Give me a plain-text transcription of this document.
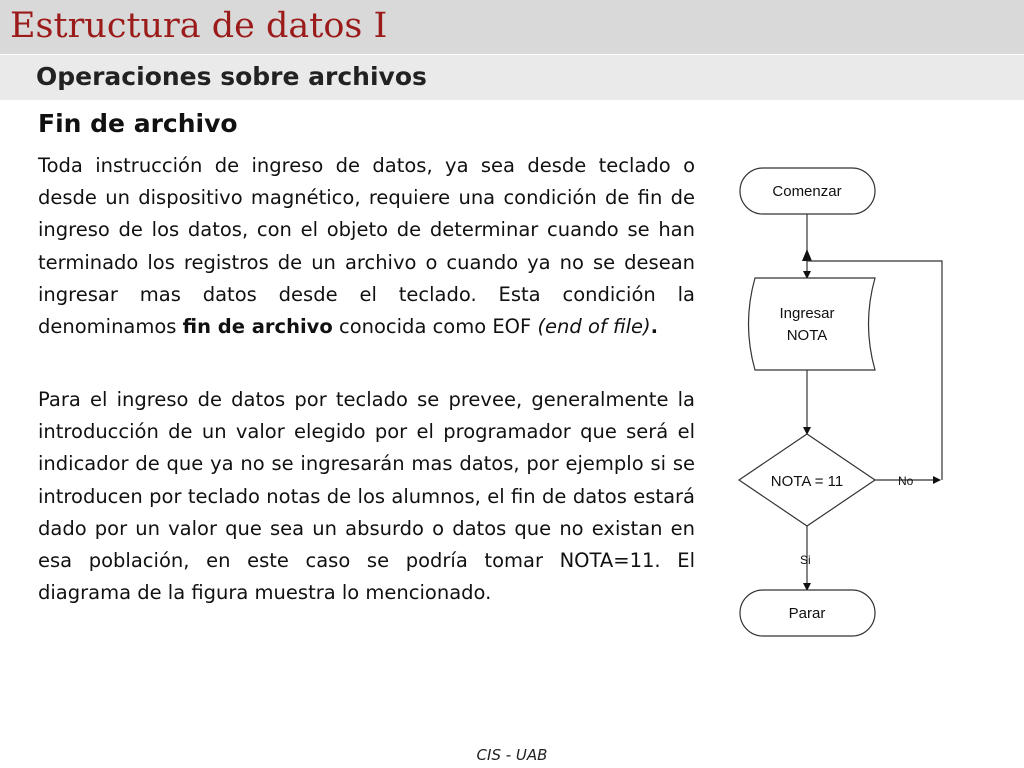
Estructura de datos I
Operaciones sobre archivos
Fin de archivo

Toda instrucción de ingreso de datos, ya sea desde teclado o desde un dispositivo magnético, requiere una condición de fin de ingreso de los datos, con el objeto de determinar cuando se han terminado los registros de un archivo o cuando ya no se desean ingresar mas datos desde el teclado. Esta condición la denominamos fin de archivo conocida como EOF (end of file).

Para el ingreso de datos por teclado se prevee, generalmente la introducción de un valor elegido por el programador que será el indicador de que ya no se ingresarán mas datos, por ejemplo si se introducen por teclado notas de los alumnos, el fin de datos estará dado por un valor que sea un absurdo o datos que no existan en esa población, en este caso se podría tomar NOTA=11. El diagrama de la figura muestra lo mencionado.

Comenzar
Ingresar
NOTA
NOTA = 11	No
Si
Parar
CIS - UAB
